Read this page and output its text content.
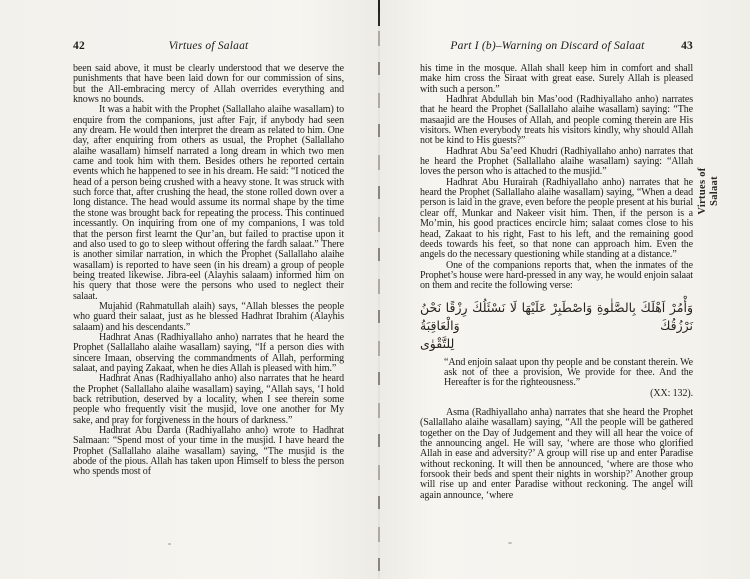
42	Virtues of Salaat

been said above, it must be clearly understood that we deserve the punishments that have been laid down for our commission of sins, but the All-embracing mercy of Allah overrides everything and knows no bounds.

It was a habit with the Prophet (Sallallaho alaihe wasallam) to enquire from the companions, just after Fajr, if anybody had seen any dream. He would then interpret the dream as related to him. One day, after enquiring from others as usual, the Prophet (Sallallaho alaihe wasallam) himself narrated a long dream in which two men came and took him with them. Besides others he reported certain events which he happened to see in his dream. He said: “I noticed the head of a person being crushed with a heavy stone. It was struck with such force that, after crushing the head, the stone rolled down over a long distance. The head would assume its normal shape by the time the stone was brought back for repeating the process. This continued incessantly. On inquiring from one of my companions, I was told that the person first learnt the Qur’an, but failed to practise upon it and also used to go to sleep without offering the fardh salaat.” There is another similar narration, in which the Prophet (Sallallaho alaihe wasallam) is reported to have seen (in his dream) a group of people being treated likewise. Jibra-eel (Alayhis salaam) informed him on his query that those were the persons who used to neglect their salaat.

Mujahid (Rahmatullah alaih) says, “Allah blesses the people who guard their salaat, just as he blessed Hadhrat Ibrahim (Alayhis salaam) and his descendants.”

Hadhrat Anas (Radhiyallaho anho) narrates that he heard the Prophet (Sallallaho alaihe wasallam) saying, “If a person dies with sincere Imaan, observing the commandments of Allah, performing salaat, and paying Zakaat, when he dies Allah is pleased with him.”

Hadhrat Anas (Radhiyallaho anho) also narrates that he heard the Prophet (Sallallaho alaihe wasallam) saying, “Allah says, ‘I hold back retribution, deserved by a locality, when I see therein some people who frequently visit the musjid, love one another for My sake, and pray for forgiveness in the hours of darkness.”

Hadhrat Abu Darda (Radhiyallaho anho) wrote to Hadhrat Salmaan: “Spend most of your time in the musjid. I have heard the Prophet (Sallallaho alaihe wasallam) saying, “The musjid is the abode of the pious. Allah has taken upon Himself to bless the person who spends most of

Part I (b)–Warning on Discard of Salaat	43

his time in the mosque. Allah shall keep him in comfort and shall make him cross the Siraat with great ease. Surely Allah is pleased with such a person.”

Hadhrat Abdullah bin Mas’ood (Radhiyallaho anho) narrates that he heard the Prophet (Sallallaho alaihe wasallam) saying: “The masaajid are the Houses of Allah, and people coming therein are His visitors. When everybody treats his visitors kindly, why should Allah not be kind to His guests?”

Hadhrat Abu Sa’eed Khudri (Radhiyallaho anho) narrates that he heard the Prophet (Sallallaho alaihe wasallam) saying: “Allah loves the person who is attached to the musjid.”

Hadhrat Abu Hurairah (Radhiyallaho anho) narrates that he heard the Prophet (Sallallaho alaihe wasallam) saying, “When a dead person is laid in the grave, even before the people present at his burial clear off, Munkar and Nakeer visit him. Then, if the person is a Mo’min, his good practices encircle him; salaat comes close to his head, Zakaat to his right, Fast to his left, and the remaining good deeds towards his feet, so that none can approach him. Even the angels do the necessary questioning while standing at a distance.”

One of the companions reports that, when the inmates of the Prophet’s house were hard-pressed in any way, he would enjoin salaat on them and recite the following verse:

وَأْمُرْ اَهْلَكَ بِالصَّلٰوةِ وَاصْطَبِرْ عَلَيْهَا لَا نَسْئَلُكَ رِزْقًا نَحْنُ نَرْزُقُكَ وَالْعَاقِبَةُ
لِلتَّقْوٰى

“And enjoin salaat upon thy people and be constant therein. We ask not of thee a provision, We provide for thee. And the Hereafter is for the righteousness.”

(XX: 132).

Asma (Radhiyallaho anha) narrates that she heard the Prophet (Sallallaho alaihe wasallam) saying, “All the people will be gathered together on the Day of Judgement and they will all hear the voice of the announcing angel. He will say, ‘where are those who glorified Allah in ease and adversity?’ A group will rise up and enter Paradise without reckoning. It will then be announced, ‘where are those who forsook their beds and spent their nights in worship?’ Another group will rise up and enter Paradise without reckoning. The angel will again announce, ‘where

Virtues of
Salaat
